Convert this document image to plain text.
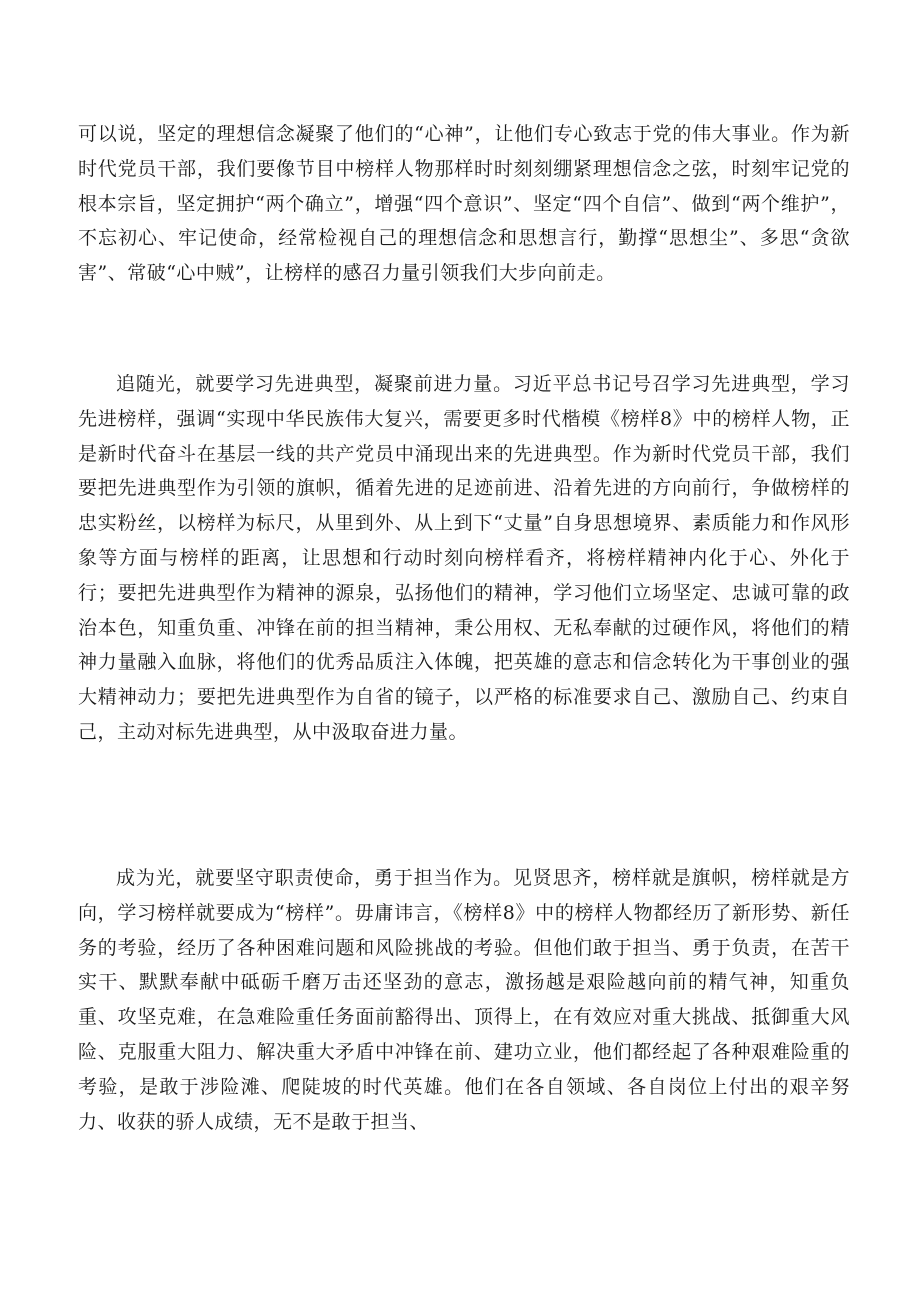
可以说，坚定的理想信念凝聚了他们的“心神”，让他们专心致志于党的伟大事业。作为新时代党员干部，我们要像节目中榜样人物那样时时刻刻绷紧理想信念之弦，时刻牢记党的根本宗旨，坚定拥护“两个确立”，增强“四个意识”、坚定“四个自信”、做到“两个维护”，不忘初心、牢记使命，经常检视自己的理想信念和思想言行，勤撑“思想尘”、多思“贪欲害”、常破“心中贼”，让榜样的感召力量引领我们大步向前走。

追随光，就要学习先进典型，凝聚前进力量。习近平总书记号召学习先进典型，学习先进榜样，强调“实现中华民族伟大复兴，需要更多时代楷模《榜样8》中的榜样人物，正是新时代奋斗在基层一线的共产党员中涌现出来的先进典型。作为新时代党员干部，我们要把先进典型作为引领的旗帜，循着先进的足迹前进、沿着先进的方向前行，争做榜样的忠实粉丝，以榜样为标尺，从里到外、从上到下“丈量”自身思想境界、素质能力和作风形象等方面与榜样的距离，让思想和行动时刻向榜样看齐，将榜样精神内化于心、外化于行；要把先进典型作为精神的源泉，弘扬他们的精神，学习他们立场坚定、忠诚可靠的政治本色，知重负重、冲锋在前的担当精神，秉公用权、无私奉献的过硬作风，将他们的精神力量融入血脉，将他们的优秀品质注入体魄，把英雄的意志和信念转化为干事创业的强大精神动力；要把先进典型作为自省的镜子，以严格的标准要求自己、激励自己、约束自己，主动对标先进典型，从中汲取奋进力量。

成为光，就要坚守职责使命，勇于担当作为。见贤思齐，榜样就是旗帜，榜样就是方向，学习榜样就要成为“榜样”。毋庸讳言，《榜样8》中的榜样人物都经历了新形势、新任务的考验，经历了各种困难问题和风险挑战的考验。但他们敢于担当、勇于负责，在苦干实干、默默奉献中砥砺千磨万击还坚劲的意志，激扬越是艰险越向前的精气神，知重负重、攻坚克难，在急难险重任务面前豁得出、顶得上，在有效应对重大挑战、抵御重大风险、克服重大阻力、解决重大矛盾中冲锋在前、建功立业，他们都经起了各种艰难险重的考验，是敢于涉险滩、爬陡坡的时代英雄。他们在各自领域、各自岗位上付出的艰辛努力、收获的骄人成绩，无不是敢于担当、
